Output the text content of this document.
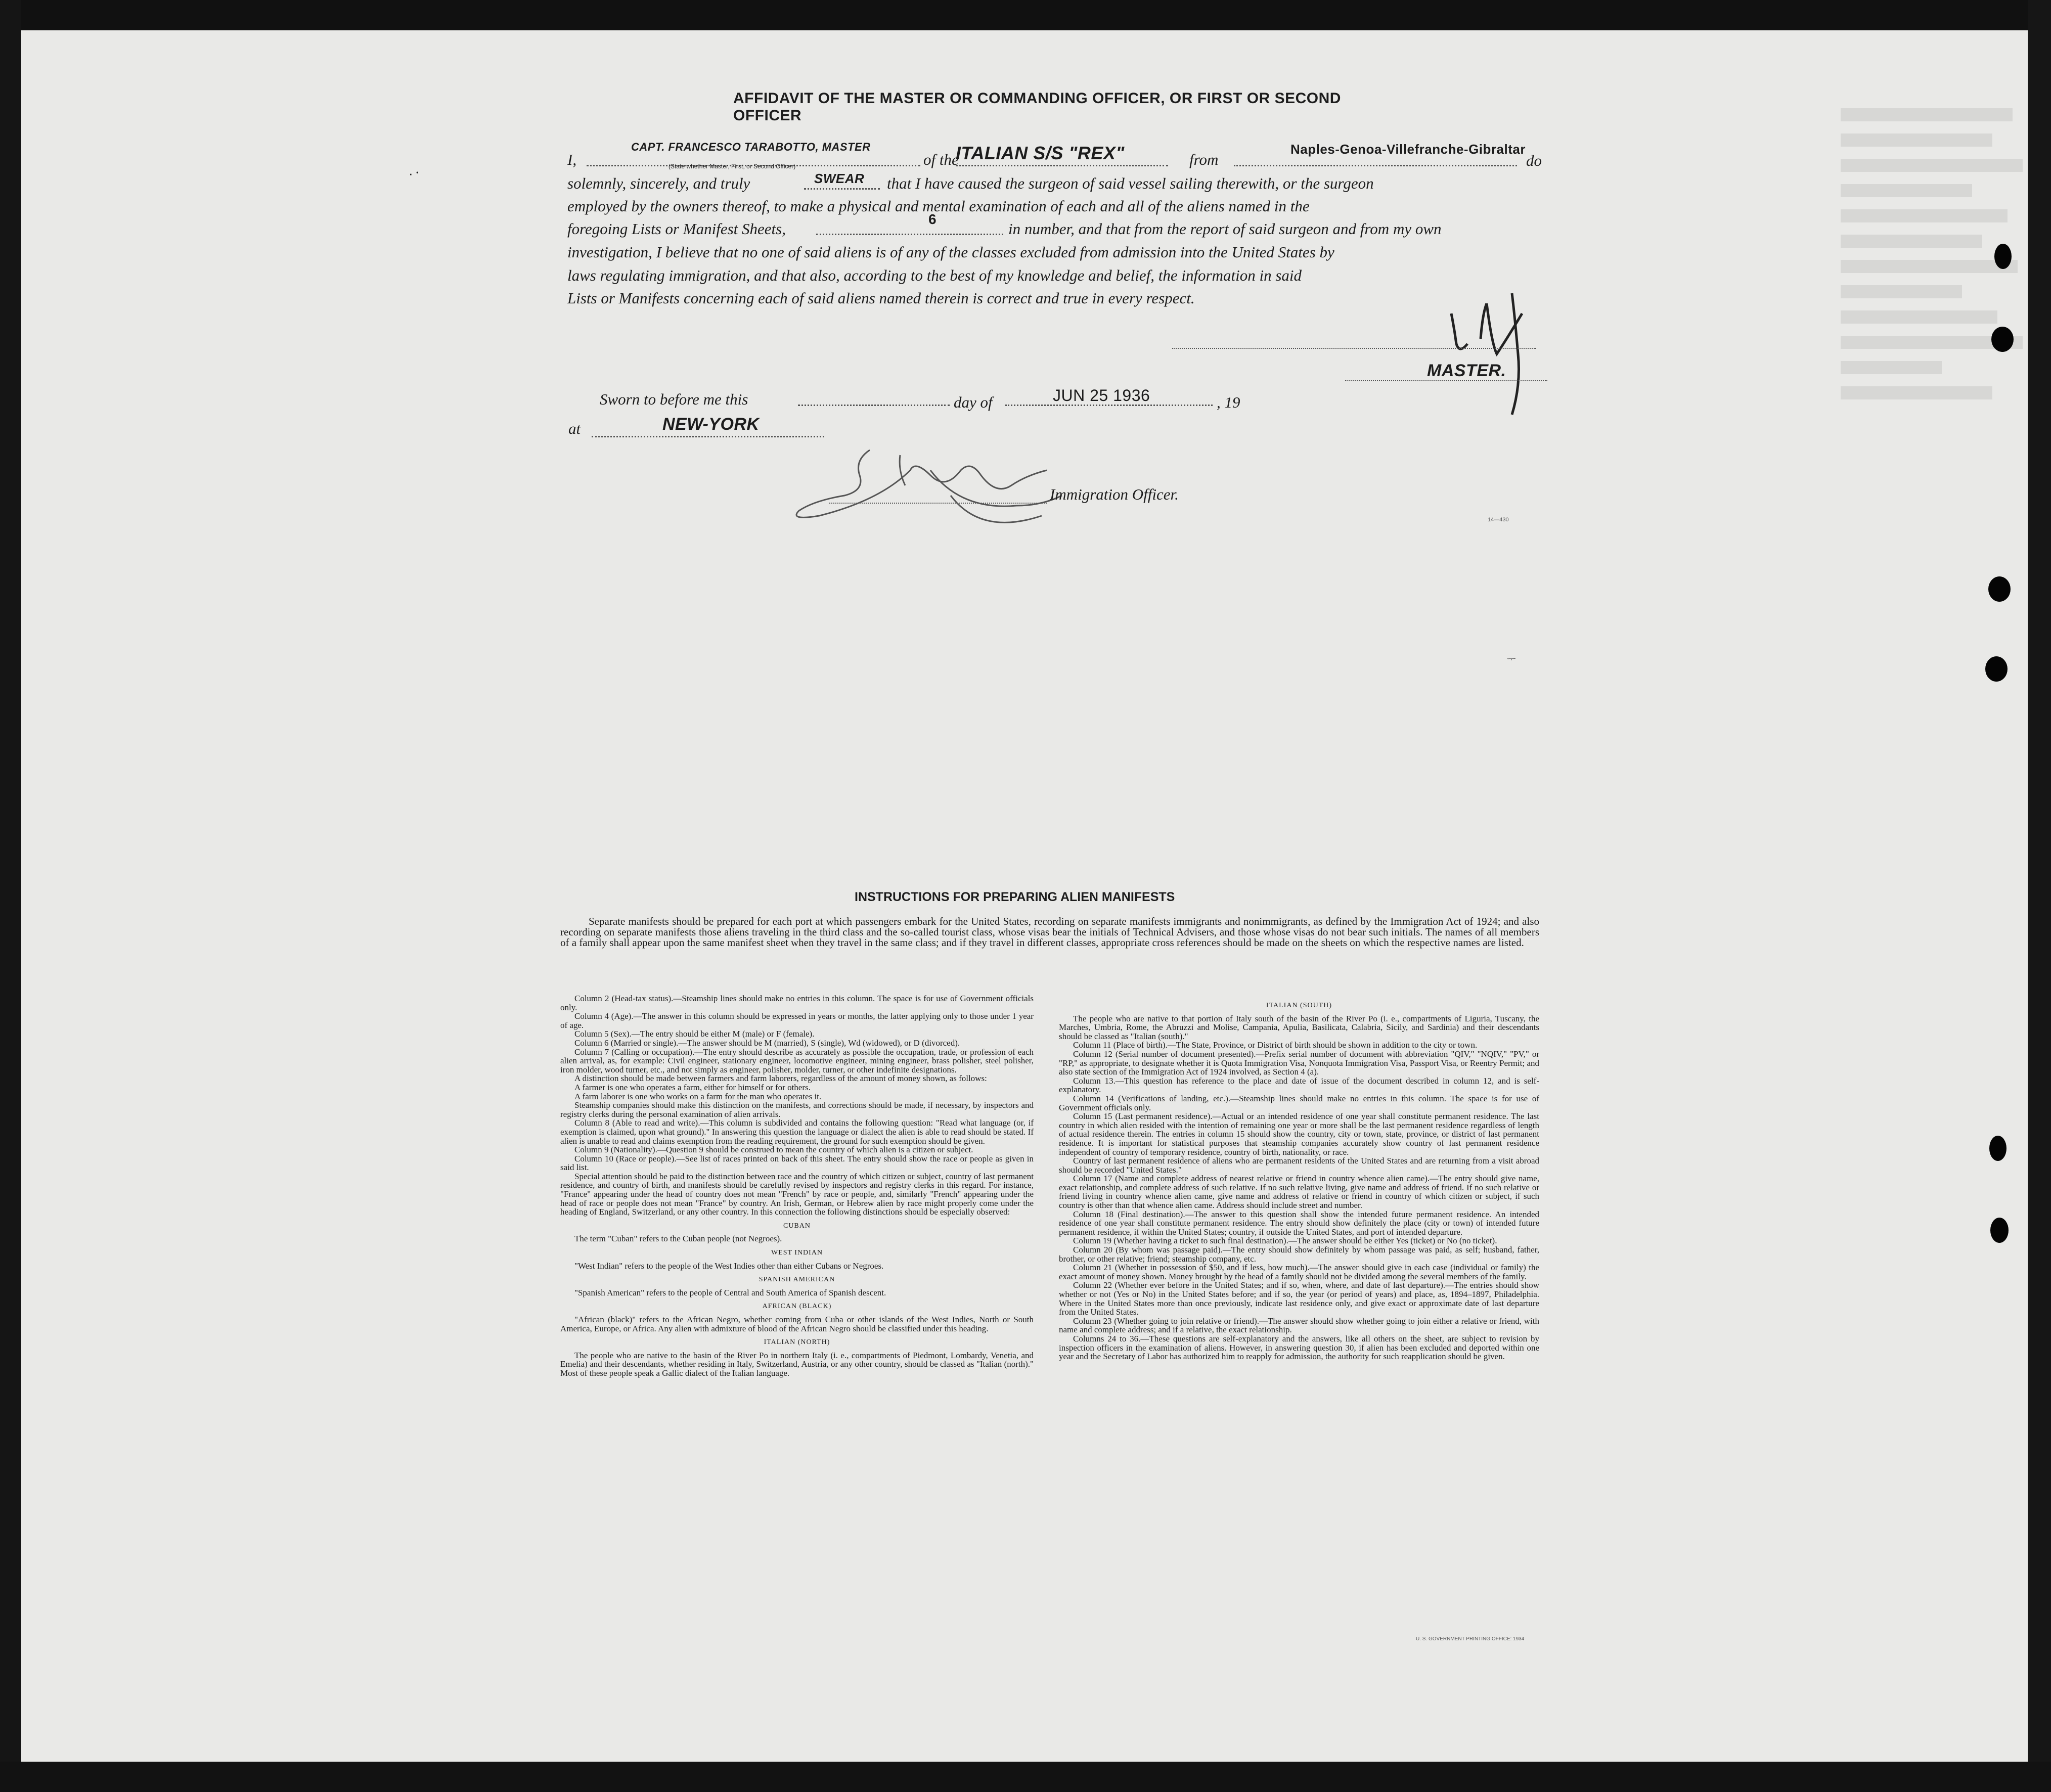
·᠂
AFFIDAVIT OF THE MASTER OR COMMANDING OFFICER, OR FIRST OR SECOND OFFICER
I,
CAPT. FRANCESCO TARABOTTO, MASTER
(State whether Master, First, or Second Officer)	of the
ITALIAN S/S "REX"	from
Naples-Genoa-Villefranche-Gibraltar
do
solemnly, sincerely, and truly	SWEAR that I have caused the surgeon of said vessel sailing therewith, or the surgeon
employed by the owners thereof, to make a physical and mental examination of each and all of the aliens named in the
foregoing Lists or Manifest Sheets,
6
in number, and that from the report of said surgeon and from my own
investigation, I believe that no one of said aliens is of any of the classes excluded from admission into the United States by
laws regulating immigration, and that also, according to the best of my knowledge and belief, the information in said
Lists or Manifests concerning each of said aliens named therein is correct and true in every respect.
MASTER.
Sworn to before me this	day of	JUN 25 1936	, 19
at	NEW-YORK
Immigration Officer.
14—430
ᅮ
INSTRUCTIONS FOR PREPARING ALIEN MANIFESTS
Separate manifests should be prepared for each port at which passengers embark for the United States, recording on separate manifests immigrants and nonimmigrants, as defined by the Immigration Act of 1924; and also recording on separate manifests those aliens traveling in the third class and the so-called tourist class, whose visas bear the initials of Technical Advisers, and those whose visas do not bear such initials. The names of all members of a family shall appear upon the same manifest sheet when they travel in the same class; and if they travel in different classes, appropriate cross references should be made on the sheets on which the respective names are listed.

Column 2 (Head-tax status).—Steamship lines should make no entries in this column. The space is for use of Government officials only.

Column 4 (Age).—The answer in this column should be expressed in years or months, the latter applying only to those under 1 year of age.

Column 5 (Sex).—The entry should be either M (male) or F (female).

Column 6 (Married or single).—The answer should be M (married), S (single), Wd (widowed), or D (divorced).

Column 7 (Calling or occupation).—The entry should describe as accurately as possible the occupation, trade, or profession of each alien arrival, as, for example: Civil engineer, stationary engineer, locomotive engineer, mining engineer, brass polisher, steel polisher, iron molder, wood turner, etc., and not simply as engineer, polisher, molder, turner, or other indefinite designations.

A distinction should be made between farmers and farm laborers, regardless of the amount of money shown, as follows:

A farmer is one who operates a farm, either for himself or for others.

A farm laborer is one who works on a farm for the man who operates it.

Steamship companies should make this distinction on the manifests, and corrections should be made, if necessary, by inspectors and registry clerks during the personal examination of alien arrivals.

Column 8 (Able to read and write).—This column is subdivided and contains the following question: "Read what language (or, if exemption is claimed, upon what ground)." In answering this question the language or dialect the alien is able to read should be stated. If alien is unable to read and claims exemption from the reading requirement, the ground for such exemption should be given.

Column 9 (Nationality).—Question 9 should be construed to mean the country of which alien is a citizen or subject.

Column 10 (Race or people).—See list of races printed on back of this sheet. The entry should show the race or people as given in said list.

Special attention should be paid to the distinction between race and the country of which citizen or subject, country of last permanent residence, and country of birth, and manifests should be carefully revised by inspectors and registry clerks in this regard. For instance, "France" appearing under the head of country does not mean "French" by race or people, and, similarly "French" appearing under the head of race or people does not mean "France" by country. An Irish, German, or Hebrew alien by race might properly come under the heading of England, Switzerland, or any other country. In this connection the following distinctions should be especially observed:

CUBAN

The term "Cuban" refers to the Cuban people (not Negroes).

WEST INDIAN

"West Indian" refers to the people of the West Indies other than either Cubans or Negroes.

SPANISH AMERICAN

"Spanish American" refers to the people of Central and South America of Spanish descent.

AFRICAN (BLACK)

"African (black)" refers to the African Negro, whether coming from Cuba or other islands of the West Indies, North or South America, Europe, or Africa. Any alien with admixture of blood of the African Negro should be classified under this heading.

ITALIAN (NORTH)

The people who are native to the basin of the River Po in northern Italy (i. e., compartments of Piedmont, Lombardy, Venetia, and Emelia) and their descendants, whether residing in Italy, Switzerland, Austria, or any other country, should be classed as "Italian (north)." Most of these people speak a Gallic dialect of the Italian language.

ITALIAN (SOUTH)

The people who are native to that portion of Italy south of the basin of the River Po (i. e., compartments of Liguria, Tuscany, the Marches, Umbria, Rome, the Abruzzi and Molise, Campania, Apulia, Basilicata, Calabria, Sicily, and Sardinia) and their descendants should be classed as "Italian (south)."

Column 11 (Place of birth).—The State, Province, or District of birth should be shown in addition to the city or town.

Column 12 (Serial number of document presented).—Prefix serial number of document with abbreviation "QIV," "NQIV," "PV," or "RP," as appropriate, to designate whether it is Quota Immigration Visa, Nonquota Immigration Visa, Passport Visa, or Reentry Permit; and also state section of the Immigration Act of 1924 involved, as Section 4 (a).

Column 13.—This question has reference to the place and date of issue of the document described in column 12, and is self-explanatory.

Column 14 (Verifications of landing, etc.).—Steamship lines should make no entries in this column. The space is for use of Government officials only.

Column 15 (Last permanent residence).—Actual or an intended residence of one year shall constitute permanent residence. The last country in which alien resided with the intention of remaining one year or more shall be the last permanent residence regardless of length of actual residence therein. The entries in column 15 should show the country, city or town, state, province, or district of last permanent residence. It is important for statistical purposes that steamship companies accurately show country of last permanent residence independent of country of temporary residence, country of birth, nationality, or race.

Country of last permanent residence of aliens who are permanent residents of the United States and are returning from a visit abroad should be recorded "United States."

Column 17 (Name and complete address of nearest relative or friend in country whence alien came).—The entry should give name, exact relationship, and complete address of such relative. If no such relative living, give name and address of friend. If no such relative or friend living in country whence alien came, give name and address of relative or friend in country of which citizen or subject, if such country is other than that whence alien came. Address should include street and number.

Column 18 (Final destination).—The answer to this question shall show the intended future permanent residence. An intended residence of one year shall constitute permanent residence. The entry should show definitely the place (city or town) of intended future permanent residence, if within the United States; country, if outside the United States, and port of intended departure.

Column 19 (Whether having a ticket to such final destination).—The answer should be either Yes (ticket) or No (no ticket).

Column 20 (By whom was passage paid).—The entry should show definitely by whom passage was paid, as self; husband, father, brother, or other relative; friend; steamship company, etc.

Column 21 (Whether in possession of $50, and if less, how much).—The answer should give in each case (individual or family) the exact amount of money shown. Money brought by the head of a family should not be divided among the several members of the family.

Column 22 (Whether ever before in the United States; and if so, when, where, and date of last departure).—The entries should show whether or not (Yes or No) in the United States before; and if so, the year (or period of years) and place, as, 1894–1897, Philadelphia. Where in the United States more than once previously, indicate last residence only, and give exact or approximate date of last departure from the United States.

Column 23 (Whether going to join relative or friend).—The answer should show whether going to join either a relative or friend, with name and complete address; and if a relative, the exact relationship.

Columns 24 to 36.—These questions are self-explanatory and the answers, like all others on the sheet, are subject to revision by inspection officers in the examination of aliens. However, in answering question 30, if alien has been excluded and deported within one year and the Secretary of Labor has authorized him to reapply for admission, the authority for such reapplication should be given.

U. S. GOVERNMENT PRINTING OFFICE: 1934
